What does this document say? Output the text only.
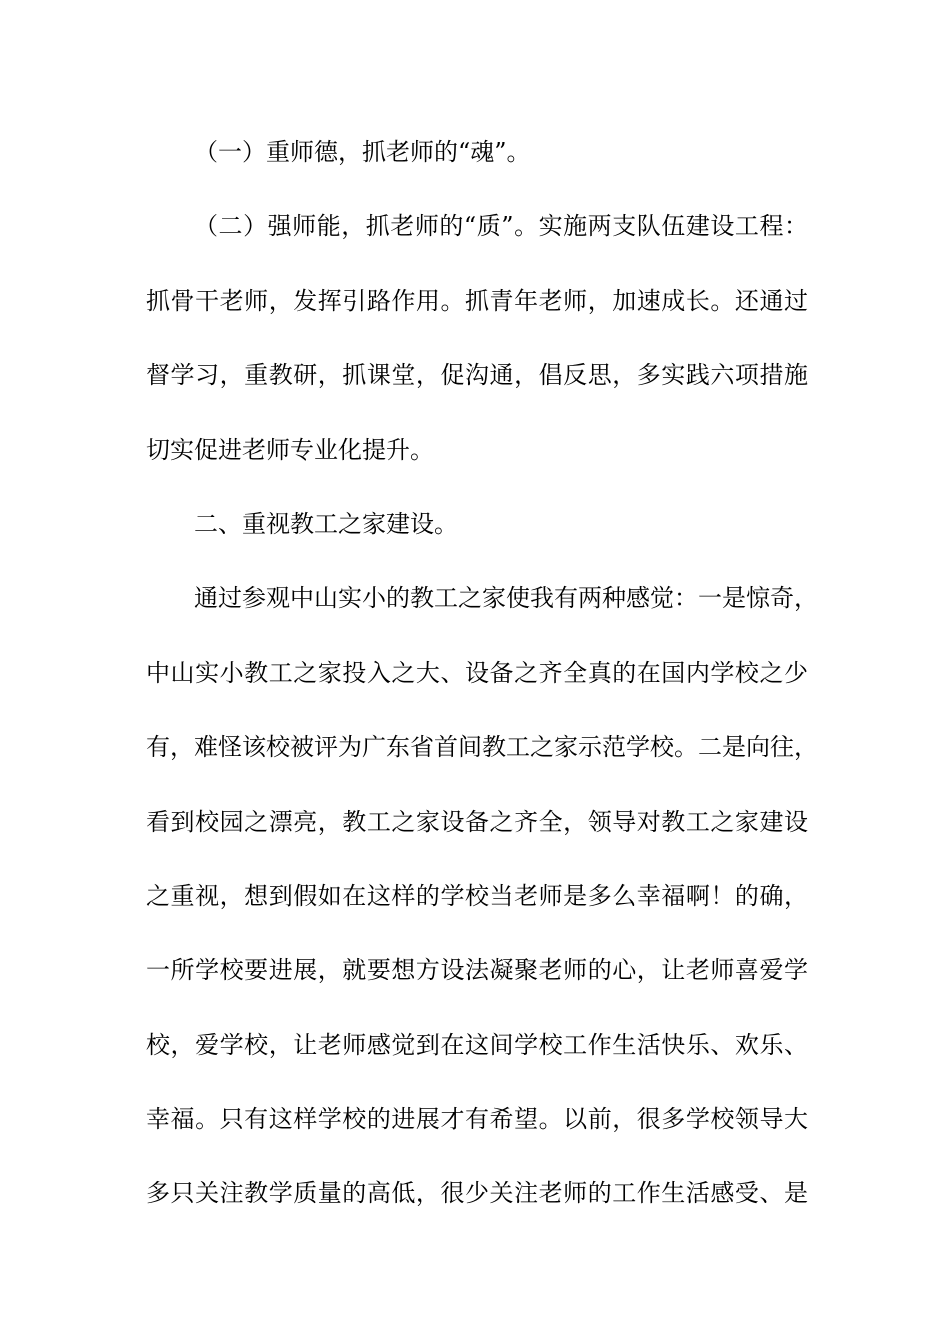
（一）重师德，抓老师的“魂”。
（二）强师能，抓老师的“质”。实施两支队伍建设工程：
抓骨干老师，发挥引路作用。抓青年老师，加速成长。还通过
督学习，重教研，抓课堂，促沟通，倡反思，多实践六项措施
切实促进老师专业化提升。
二、重视教工之家建设。
通过参观中山实小的教工之家使我有两种感觉：一是惊奇，
中山实小教工之家投入之大、设备之齐全真的在国内学校之少
有，难怪该校被评为广东省首间教工之家示范学校。二是向往，
看到校园之漂亮，教工之家设备之齐全，领导对教工之家建设
之重视，想到假如在这样的学校当老师是多么幸福啊！的确，
一所学校要进展，就要想方设法凝聚老师的心，让老师喜爱学
校，爱学校，让老师感觉到在这间学校工作生活快乐、欢乐、
幸福。只有这样学校的进展才有希望。以前，很多学校领导大
多只关注教学质量的高低，很少关注老师的工作生活感受、是
